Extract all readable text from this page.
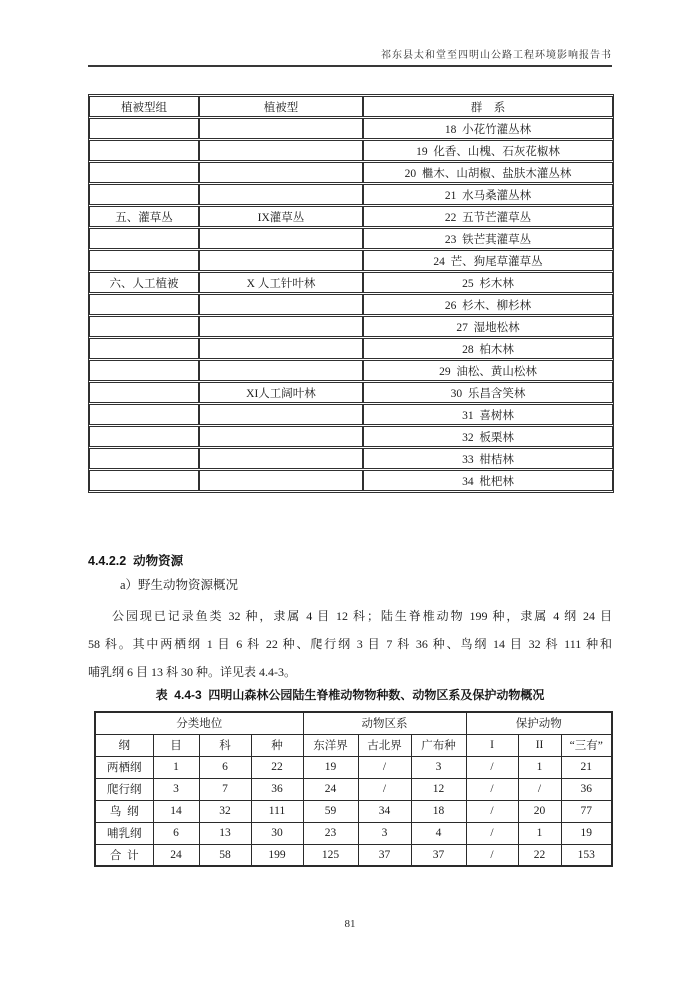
祁东县太和堂至四明山公路工程环境影响报告书
植被型组	植被型	群    系
		18  小花竹灌丛林
		19  化香、山槐、石灰花椒林
		20  檵木、山胡椒、盐肤木灌丛林
		21  水马桑灌丛林
五、灌草丛	IX灌草丛	22  五节芒灌草丛
		23  铁芒萁灌草丛
		24  芒、狗尾草灌草丛
六、人工植被	X 人工针叶林	25  杉木林
		26  杉木、柳杉林
		27  湿地松林
		28  柏木林
		29  油松、黄山松林
	XI人工阔叶林	30  乐昌含笑林
		31  喜树林
		32  板栗林
		33  柑桔林
		34  枇杷林
4.4.2.2  动物资源
a）野生动物资源概况
公园现已记录鱼类 32 种，隶属 4 目 12 科；陆生脊椎动物 199 种，隶属 4 纲 24 目
58 科。其中两栖纲 1 目 6 科 22 种、爬行纲 3 目 7 科 36 种、鸟纲 14 目 32 科 111 种和
哺乳纲 6 目 13 科 30 种。详见表 4.4-3。
表  4.4-3  四明山森林公园陆生脊椎动物物种数、动物区系及保护动物概况
分类地位				动物区系			保护动物		
纲	目	科	种	东洋界	古北界	广布种	I	II	“三有”
两栖纲	1	6	22	19	/	3	/	1	21
爬行纲	3	7	36	24	/	12	/	/	36
鸟  纲	14	32	111	59	34	18	/	20	77
哺乳纲	6	13	30	23	3	4	/	1	19
合  计	24	58	199	125	37	37	/	22	153
81
